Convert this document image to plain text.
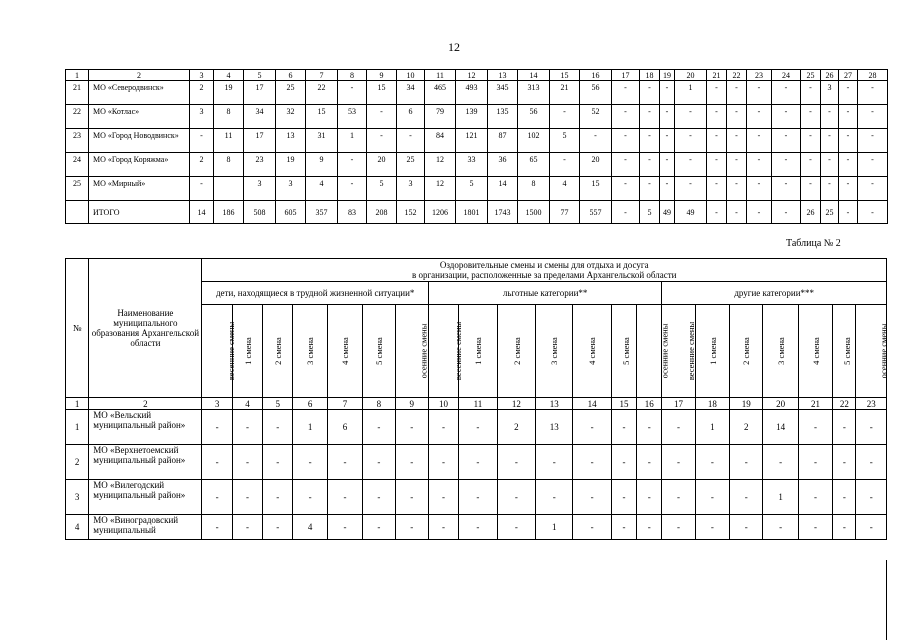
12
1	2	3	4	5	6	7	8	9	10	11	12	13	14	15	16	17	18	19	20	21	22	23	24	25	26	27	28
21	МО «Северодвинск»	2	19	17	25	22	-	15	34	465	493	345	313	21	56	-	-	-	1	-	-	-	-	-	3	-	-
22	МО «Котлас»	3	8	34	32	15	53	-	6	79	139	135	56	-	52	-	-	-	-	-	-	-	-	-	-	-	-
23	МО «Город Новодвинск»	-	11	17	13	31	1	-	-	84	121	87	102	5	-	-	-	-	-	-	-	-	-	-	-	-	-
24	МО «Город Коряжма»	2	8	23	19	9	-	20	25	12	33	36	65	-	20	-	-	-	-	-	-	-	-	-	-	-	-
25	МО «Мирный»	-		3	3	4	-	5	3	12	5	14	8	4	15	-	-	-	-	-	-	-	-	-	-	-	-
	ИТОГО	14	186	508	605	357	83	208	152	1206	1801	1743	1500	77	557	-	5	49	49	-	-	-	-	26	25	-	-
Таблица № 2
№	Наименование муниципального образования Архангельской области	Оздоровительные смены и смены для отдыха и досуга
в организации, расположенные за пределами Архангельской области																				

		дети, находящиеся в трудной жизненной ситуации*							льготные категории**							другие категории***						
		весенние смены	1 смена	2 смена	3 смена	4 смена	5 смена	осенние смены	весенние смены	1 смена	2 смена	3 смена	4 смена	5 смена	осенние смены	весенние смены	1 смена	2 смена	3 смена	4 смена	5 смена	осенние смены
1	2	3	4	5	6	7	8	9	10	11	12	13	14	15	16	17	18	19	20	21	22	23
1	МО «Вельский муниципальный район»	-	-	-	1	6	-	-	-	-	2	13	-	-	-	-	1	2	14	-	-	-
2	МО «Верхнетоемский муниципальный район»	-	-	-	-	-	-	-	-	-	-	-	-	-	-	-	-	-	-	-	-	-
3	МО «Вилегодский муниципальный район»	-	-	-	-	-	-	-	-	-	-	-	-	-	-	-	-	-	1	-	-	-
4	МО «Виноградовский муниципальный	-	-	-	4	-	-	-	-	-	-	1	-	-	-	-	-	-	-	-	-	-
